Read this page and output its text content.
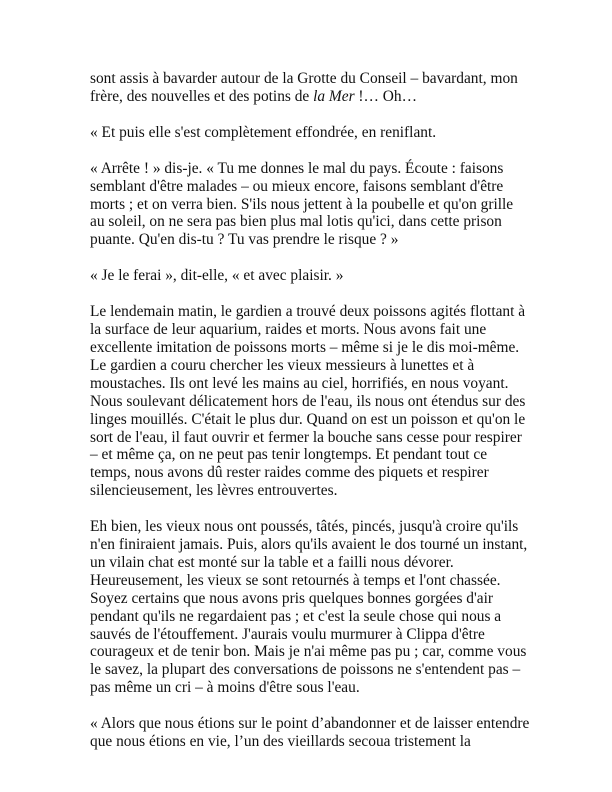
sont assis à bavarder autour de la Grotte du Conseil – bavardant, mon frère, des nouvelles et des potins de la Mer !… Oh…

« Et puis elle s'est complètement effondrée, en reniflant.

« Arrête ! » dis-je. « Tu me donnes le mal du pays. Écoute : faisons semblant d'être malades – ou mieux encore, faisons semblant d'être morts ; et on verra bien. S'ils nous jettent à la poubelle et qu'on grille au soleil, on ne sera pas bien plus mal lotis qu'ici, dans cette prison puante. Qu'en dis-tu ? Tu vas prendre le risque ? »

« Je le ferai », dit-elle, « et avec plaisir. »

Le lendemain matin, le gardien a trouvé deux poissons agités flottant à la surface de leur aquarium, raides et morts. Nous avons fait une excellente imitation de poissons morts – même si je le dis moi-même. Le gardien a couru chercher les vieux messieurs à lunettes et à moustaches. Ils ont levé les mains au ciel, horrifiés, en nous voyant. Nous soulevant délicatement hors de l'eau, ils nous ont étendus sur des linges mouillés. C'était le plus dur. Quand on est un poisson et qu'on le sort de l'eau, il faut ouvrir et fermer la bouche sans cesse pour respirer – et même ça, on ne peut pas tenir longtemps. Et pendant tout ce temps, nous avons dû rester raides comme des piquets et respirer silencieusement, les lèvres entrouvertes.

Eh bien, les vieux nous ont poussés, tâtés, pincés, jusqu'à croire qu'ils n'en finiraient jamais. Puis, alors qu'ils avaient le dos tourné un instant, un vilain chat est monté sur la table et a failli nous dévorer. Heureusement, les vieux se sont retournés à temps et l'ont chassée. Soyez certains que nous avons pris quelques bonnes gorgées d'air pendant qu'ils ne regardaient pas ; et c'est la seule chose qui nous a sauvés de l'étouffement. J'aurais voulu murmurer à Clippa d'être courageux et de tenir bon. Mais je n'ai même pas pu ; car, comme vous le savez, la plupart des conversations de poissons ne s'entendent pas – pas même un cri – à moins d'être sous l'eau.

« Alors que nous étions sur le point d’abandonner et de laisser entendre que nous étions en vie, l’un des vieillards secoua tristement la
